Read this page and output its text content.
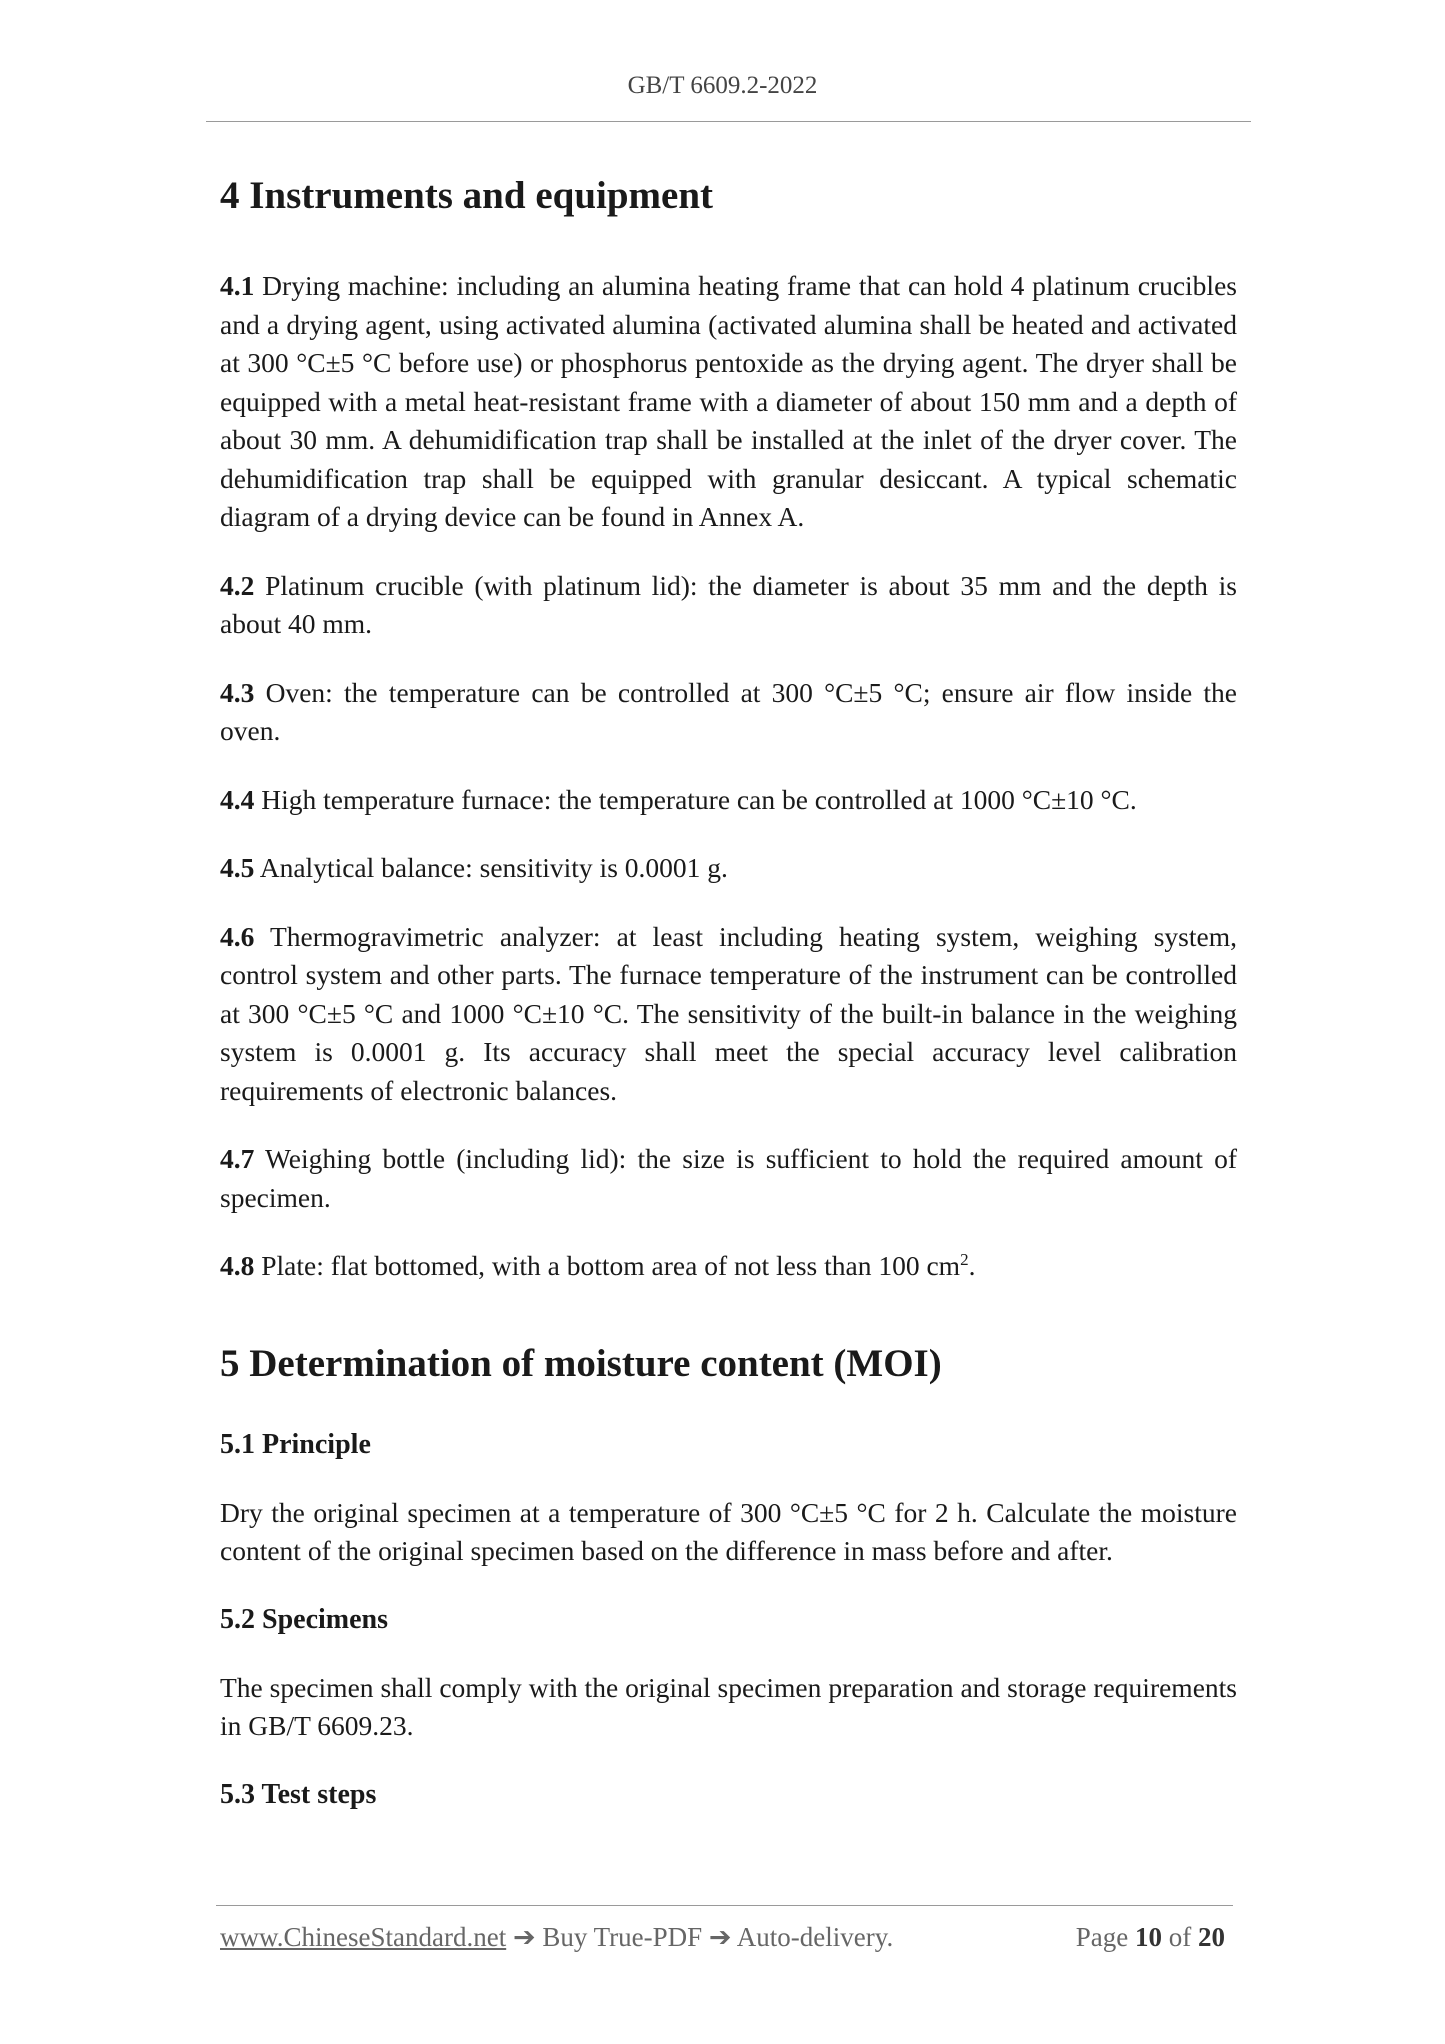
GB/T 6609.2-2022
4 Instruments and equipment

4.1 Drying machine: including an alumina heating frame that can hold 4 platinum crucibles and a drying agent, using activated alumina (activated alumina shall be heated and activated at 300 °C±5 °C before use) or phosphorus pentoxide as the drying agent. The dryer shall be equipped with a metal heat-resistant frame with a diameter of about 150 mm and a depth of about 30 mm. A dehumidification trap shall be installed at the inlet of the dryer cover. The dehumidification trap shall be equipped with granular desiccant. A typical schematic diagram of a drying device can be found in Annex A.

4.2 Platinum crucible (with platinum lid): the diameter is about 35 mm and the depth is about 40 mm.

4.3 Oven: the temperature can be controlled at 300 °C±5 °C; ensure air flow inside the oven.

4.4 High temperature furnace: the temperature can be controlled at 1000 °C±10 °C.

4.5 Analytical balance: sensitivity is 0.0001 g.

4.6 Thermogravimetric analyzer: at least including heating system, weighing system, control system and other parts. The furnace temperature of the instrument can be controlled at 300 °C±5 °C and 1000 °C±10 °C. The sensitivity of the built-in balance in the weighing system is 0.0001 g. Its accuracy shall meet the special accuracy level calibration requirements of electronic balances.

4.7 Weighing bottle (including lid): the size is sufficient to hold the required amount of specimen.

4.8 Plate: flat bottomed, with a bottom area of not less than 100 $cm^2$.

5 Determination of moisture content (MOI)
5.1 Principle

Dry the original specimen at a temperature of 300 °C±5 °C for 2 h. Calculate the moisture content of the original specimen based on the difference in mass before and after.

5.2 Specimens

The specimen shall comply with the original specimen preparation and storage requirements in GB/T 6609.23.

5.3 Test steps
www.ChineseStandard.net ➔ Buy True-PDF ➔ Auto-delivery.	Page 10 of 20
